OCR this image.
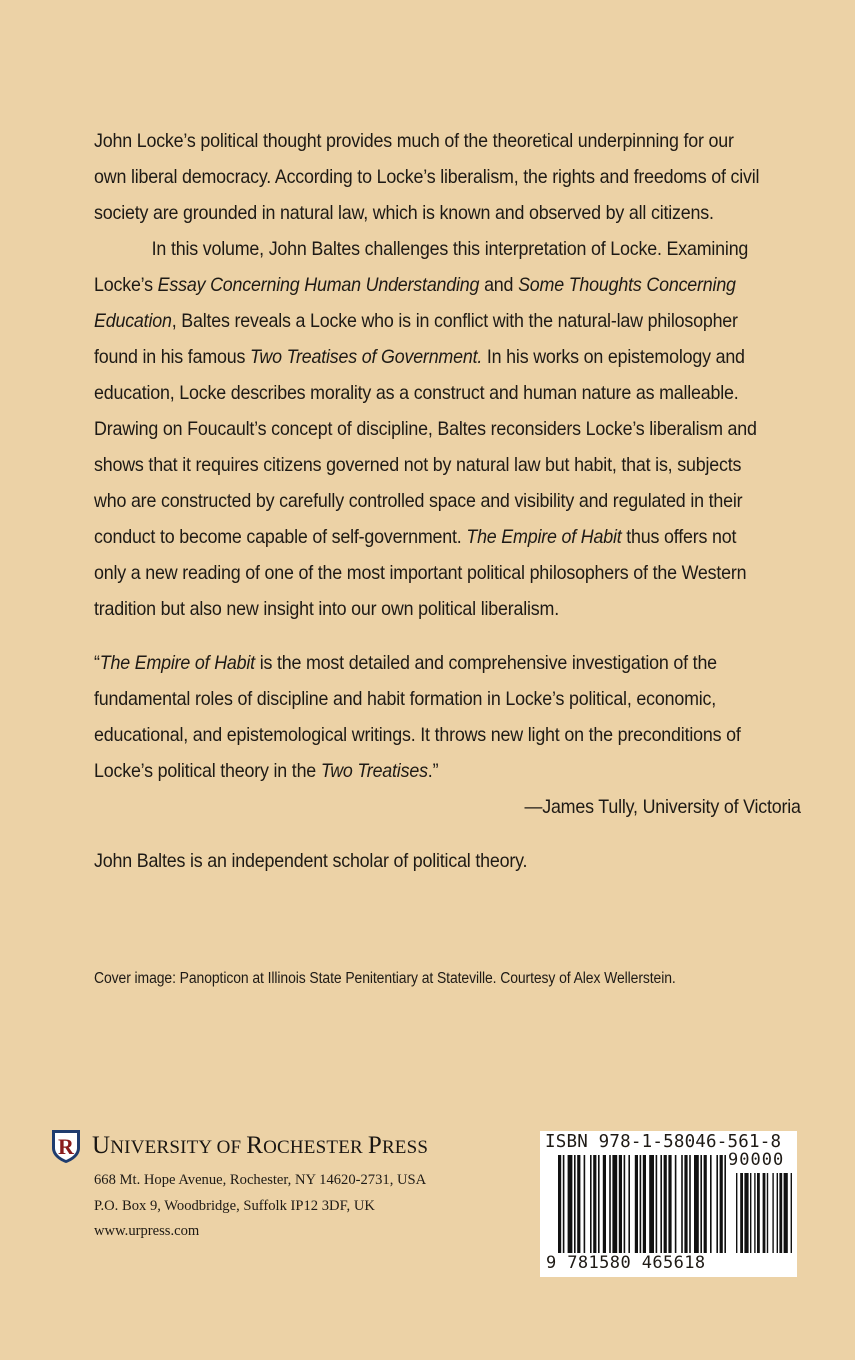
John Locke’s political thought provides much of the theoretical underpinning for our own liberal democracy. According to Locke’s liberalism, the rights and freedoms of civil society are grounded in natural law, which is known and observed by all citizens.

In this volume, John Baltes challenges this interpretation of Locke. Examining Locke’s Essay Concerning Human Understanding and Some Thoughts Concerning Education, Baltes reveals a Locke who is in conflict with the natural-law philosopher found in his famous Two Treatises of Government. In his works on epistemology and education, Locke describes morality as a construct and human nature as malleable. Drawing on Foucault’s concept of discipline, Baltes reconsiders Locke’s liberalism and shows that it requires citizens governed not by natural law but habit, that is, subjects who are constructed by carefully controlled space and visibility and regulated in their conduct to become capable of self-government. The Empire of Habit thus offers not only a new reading of one of the most important political philosophers of the Western tradition but also new insight into our own political liberalism.

“The Empire of Habit is the most detailed and comprehensive investigation of the fundamental roles of discipline and habit formation in Locke’s political, economic, educational, and epistemological writings. It throws new light on the preconditions of Locke’s political theory in the Two Treatises.”

—James Tully, University of Victoria

John Baltes is an independent scholar of political theory.

Cover image: Panopticon at Illinois State Penitentiary at Stateville. Courtesy of Alex Wellerstein.
R UNIVERSITY OF ROCHESTER PRESS
668 Mt. Hope Avenue, Rochester, NY 14620-2731, USA
P.O. Box 9, Woodbridge, Suffolk IP12 3DF, UK
www.urpress.com
ISBN 978-1-58046-561-8
90000
9 781580 465618
